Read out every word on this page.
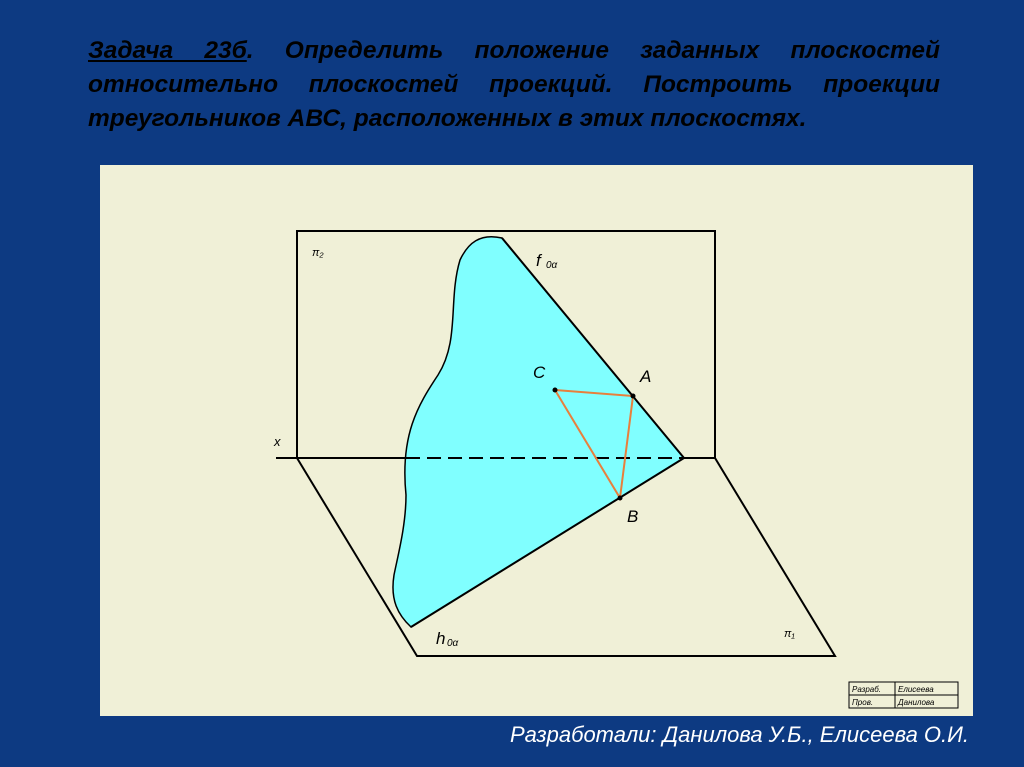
Задача 23б. Определить положение заданных плоскостей относительно плоскостей проекций. Построить проекции треугольников АВС, расположенных в этих плоскостях.
π₂
π₁
x
f 0α
h 0α
A
B
C
Разраб. Елисеева
Пров.	Данилова
Разработали: Данилова У.Б., Елисеева О.И.
